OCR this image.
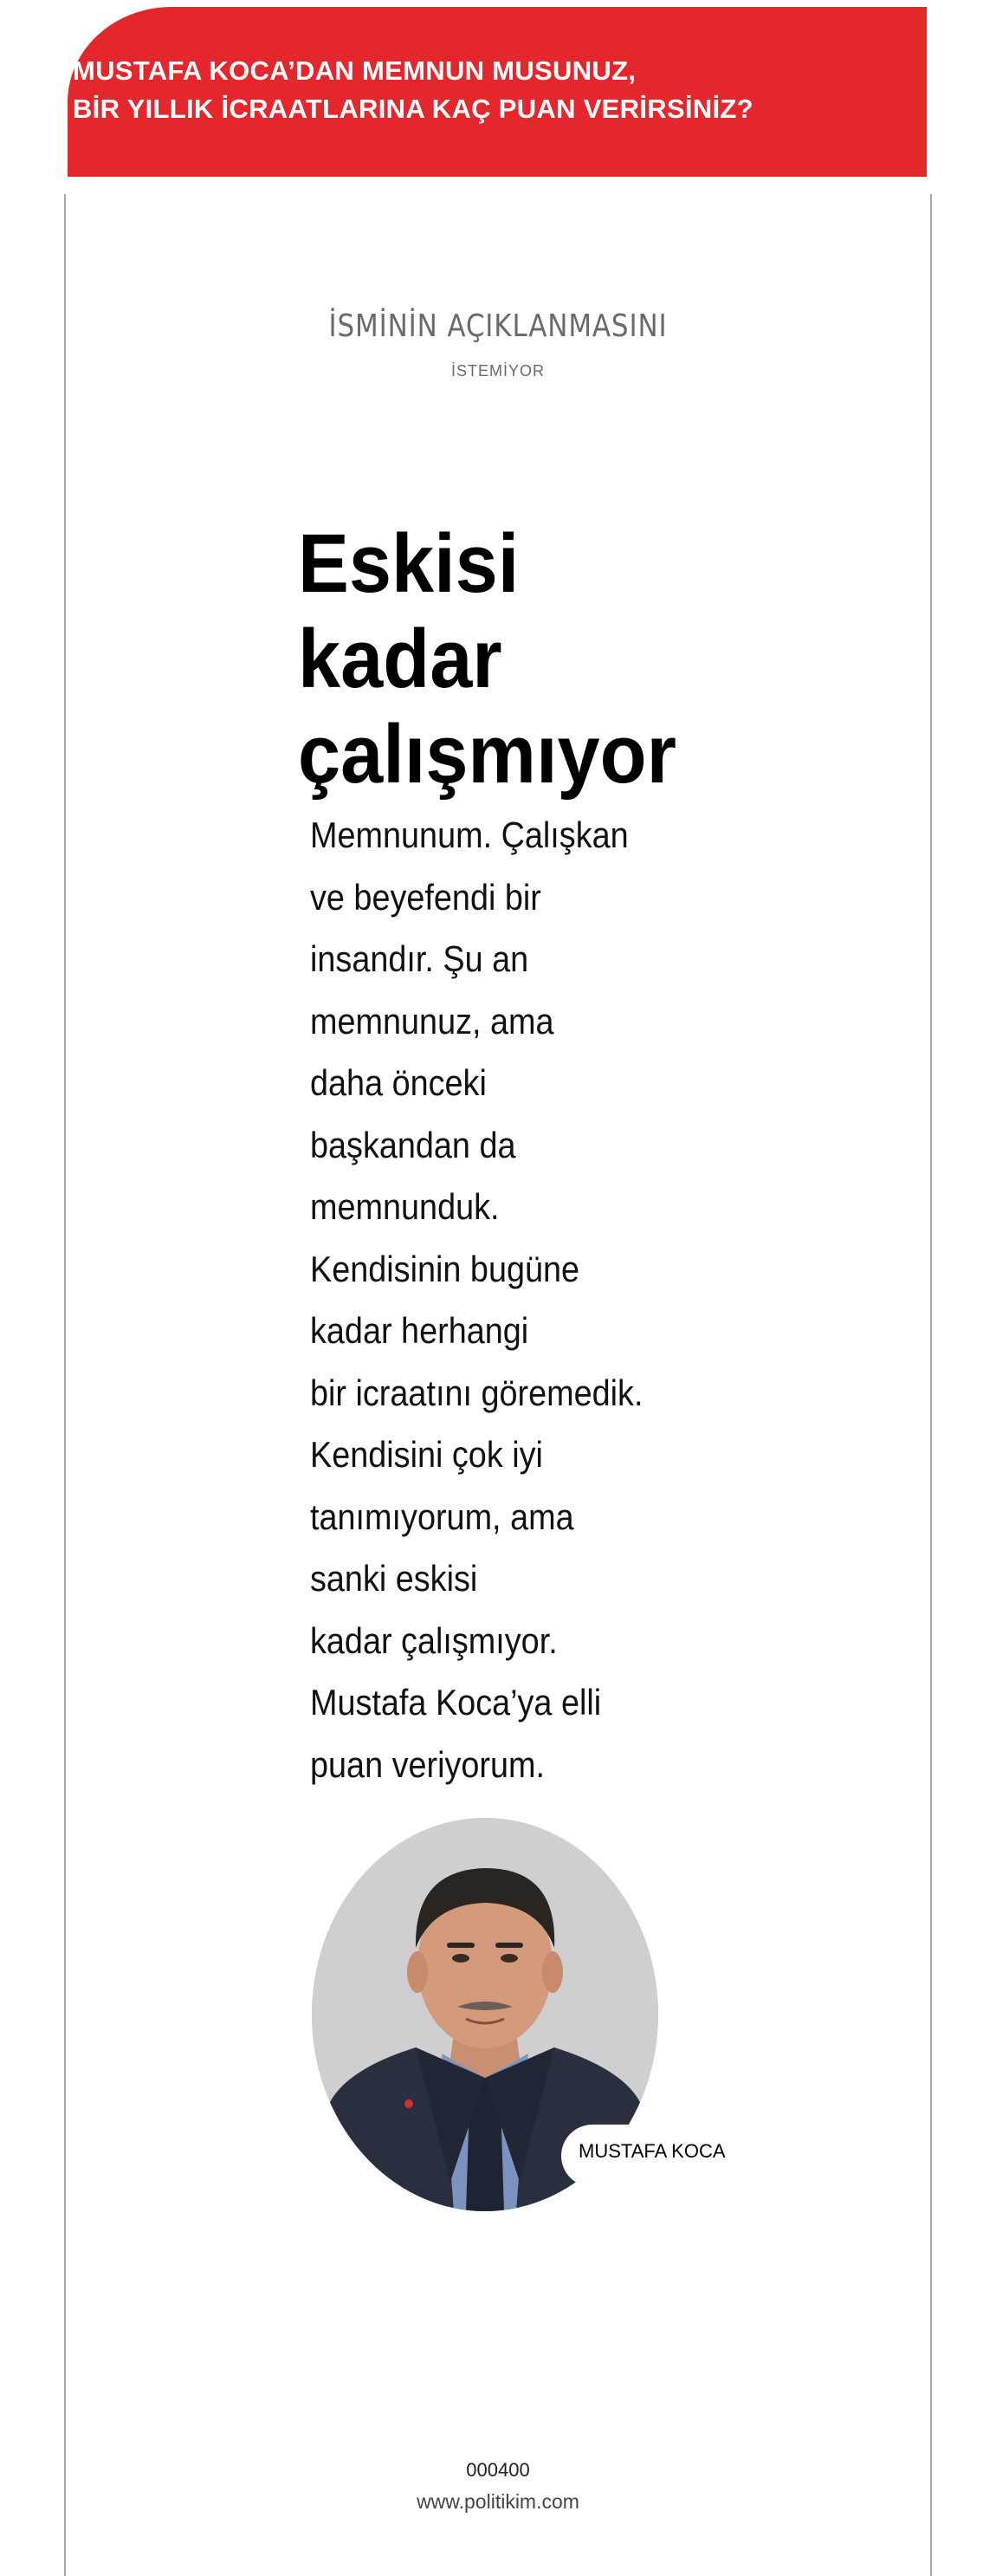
MUSTAFA KOCA’DAN MEMNUN MUSUNUZ,
BİR YILLIK İCRAATLARINA KAÇ PUAN VERİRSİNİZ?
İSMİNİN AÇIKLANMASINI
İSTEMİYOR
Eskisi
kadar
çalışmıyor
Memnunum. Çalışkan
ve beyefendi bir
insandır. Şu an
memnunuz, ama
daha önceki
başkandan da
memnunduk.
Kendisinin bugüne
kadar herhangi
bir icraatını göremedik.
Kendisini çok iyi
tanımıyorum, ama
sanki eskisi
kadar çalışmıyor.
Mustafa Koca’ya elli
puan veriyorum.
MUSTAFA KOCA
000400
www.politikim.com
